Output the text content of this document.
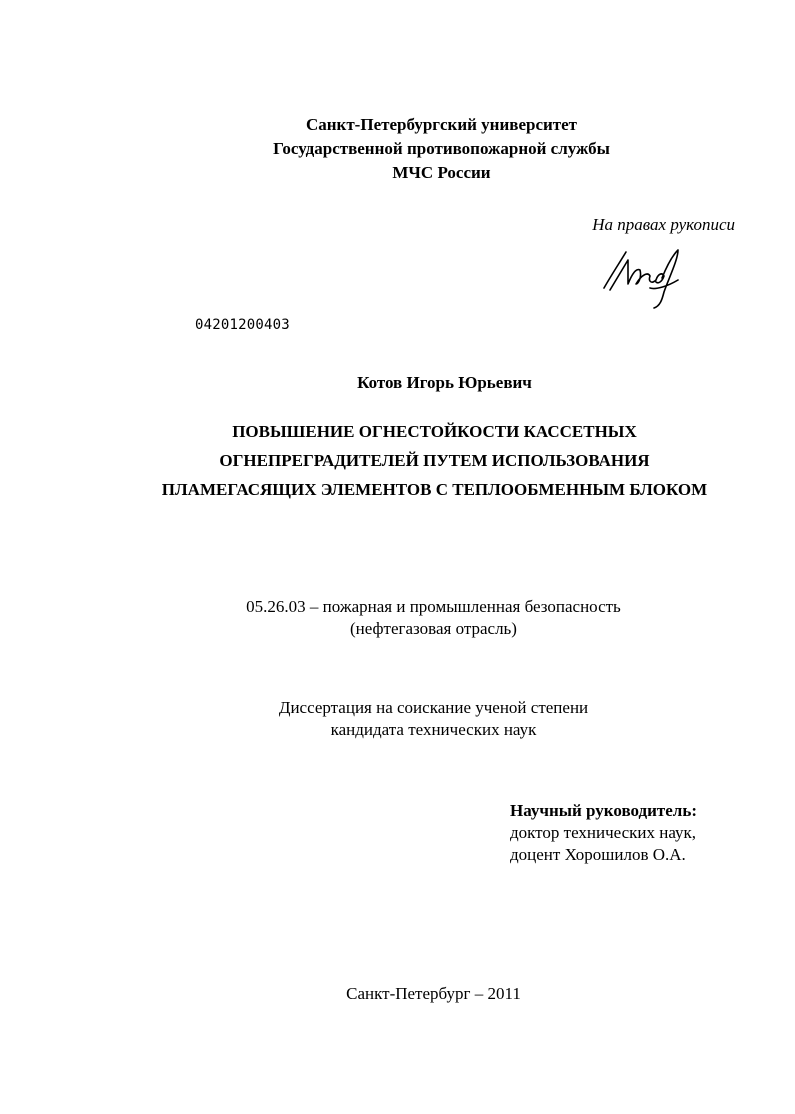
Санкт-Петербургский университет
Государственной противопожарной службы
МЧС России
На правах рукописи
04201200403
Котов Игорь Юрьевич
ПОВЫШЕНИЕ ОГНЕСТОЙКОСТИ КАССЕТНЫХ
ОГНЕПРЕГРАДИТЕЛЕЙ ПУТЕМ ИСПОЛЬЗОВАНИЯ
ПЛАМЕГАСЯЩИХ ЭЛЕМЕНТОВ С ТЕПЛООБМЕННЫМ БЛОКОМ
05.26.03 – пожарная и промышленная безопасность
(нефтегазовая отрасль)
Диссертация на соискание ученой степени
кандидата технических наук
Научный руководитель:
доктор технических наук,
доцент Хорошилов О.А.
Санкт-Петербург – 2011
